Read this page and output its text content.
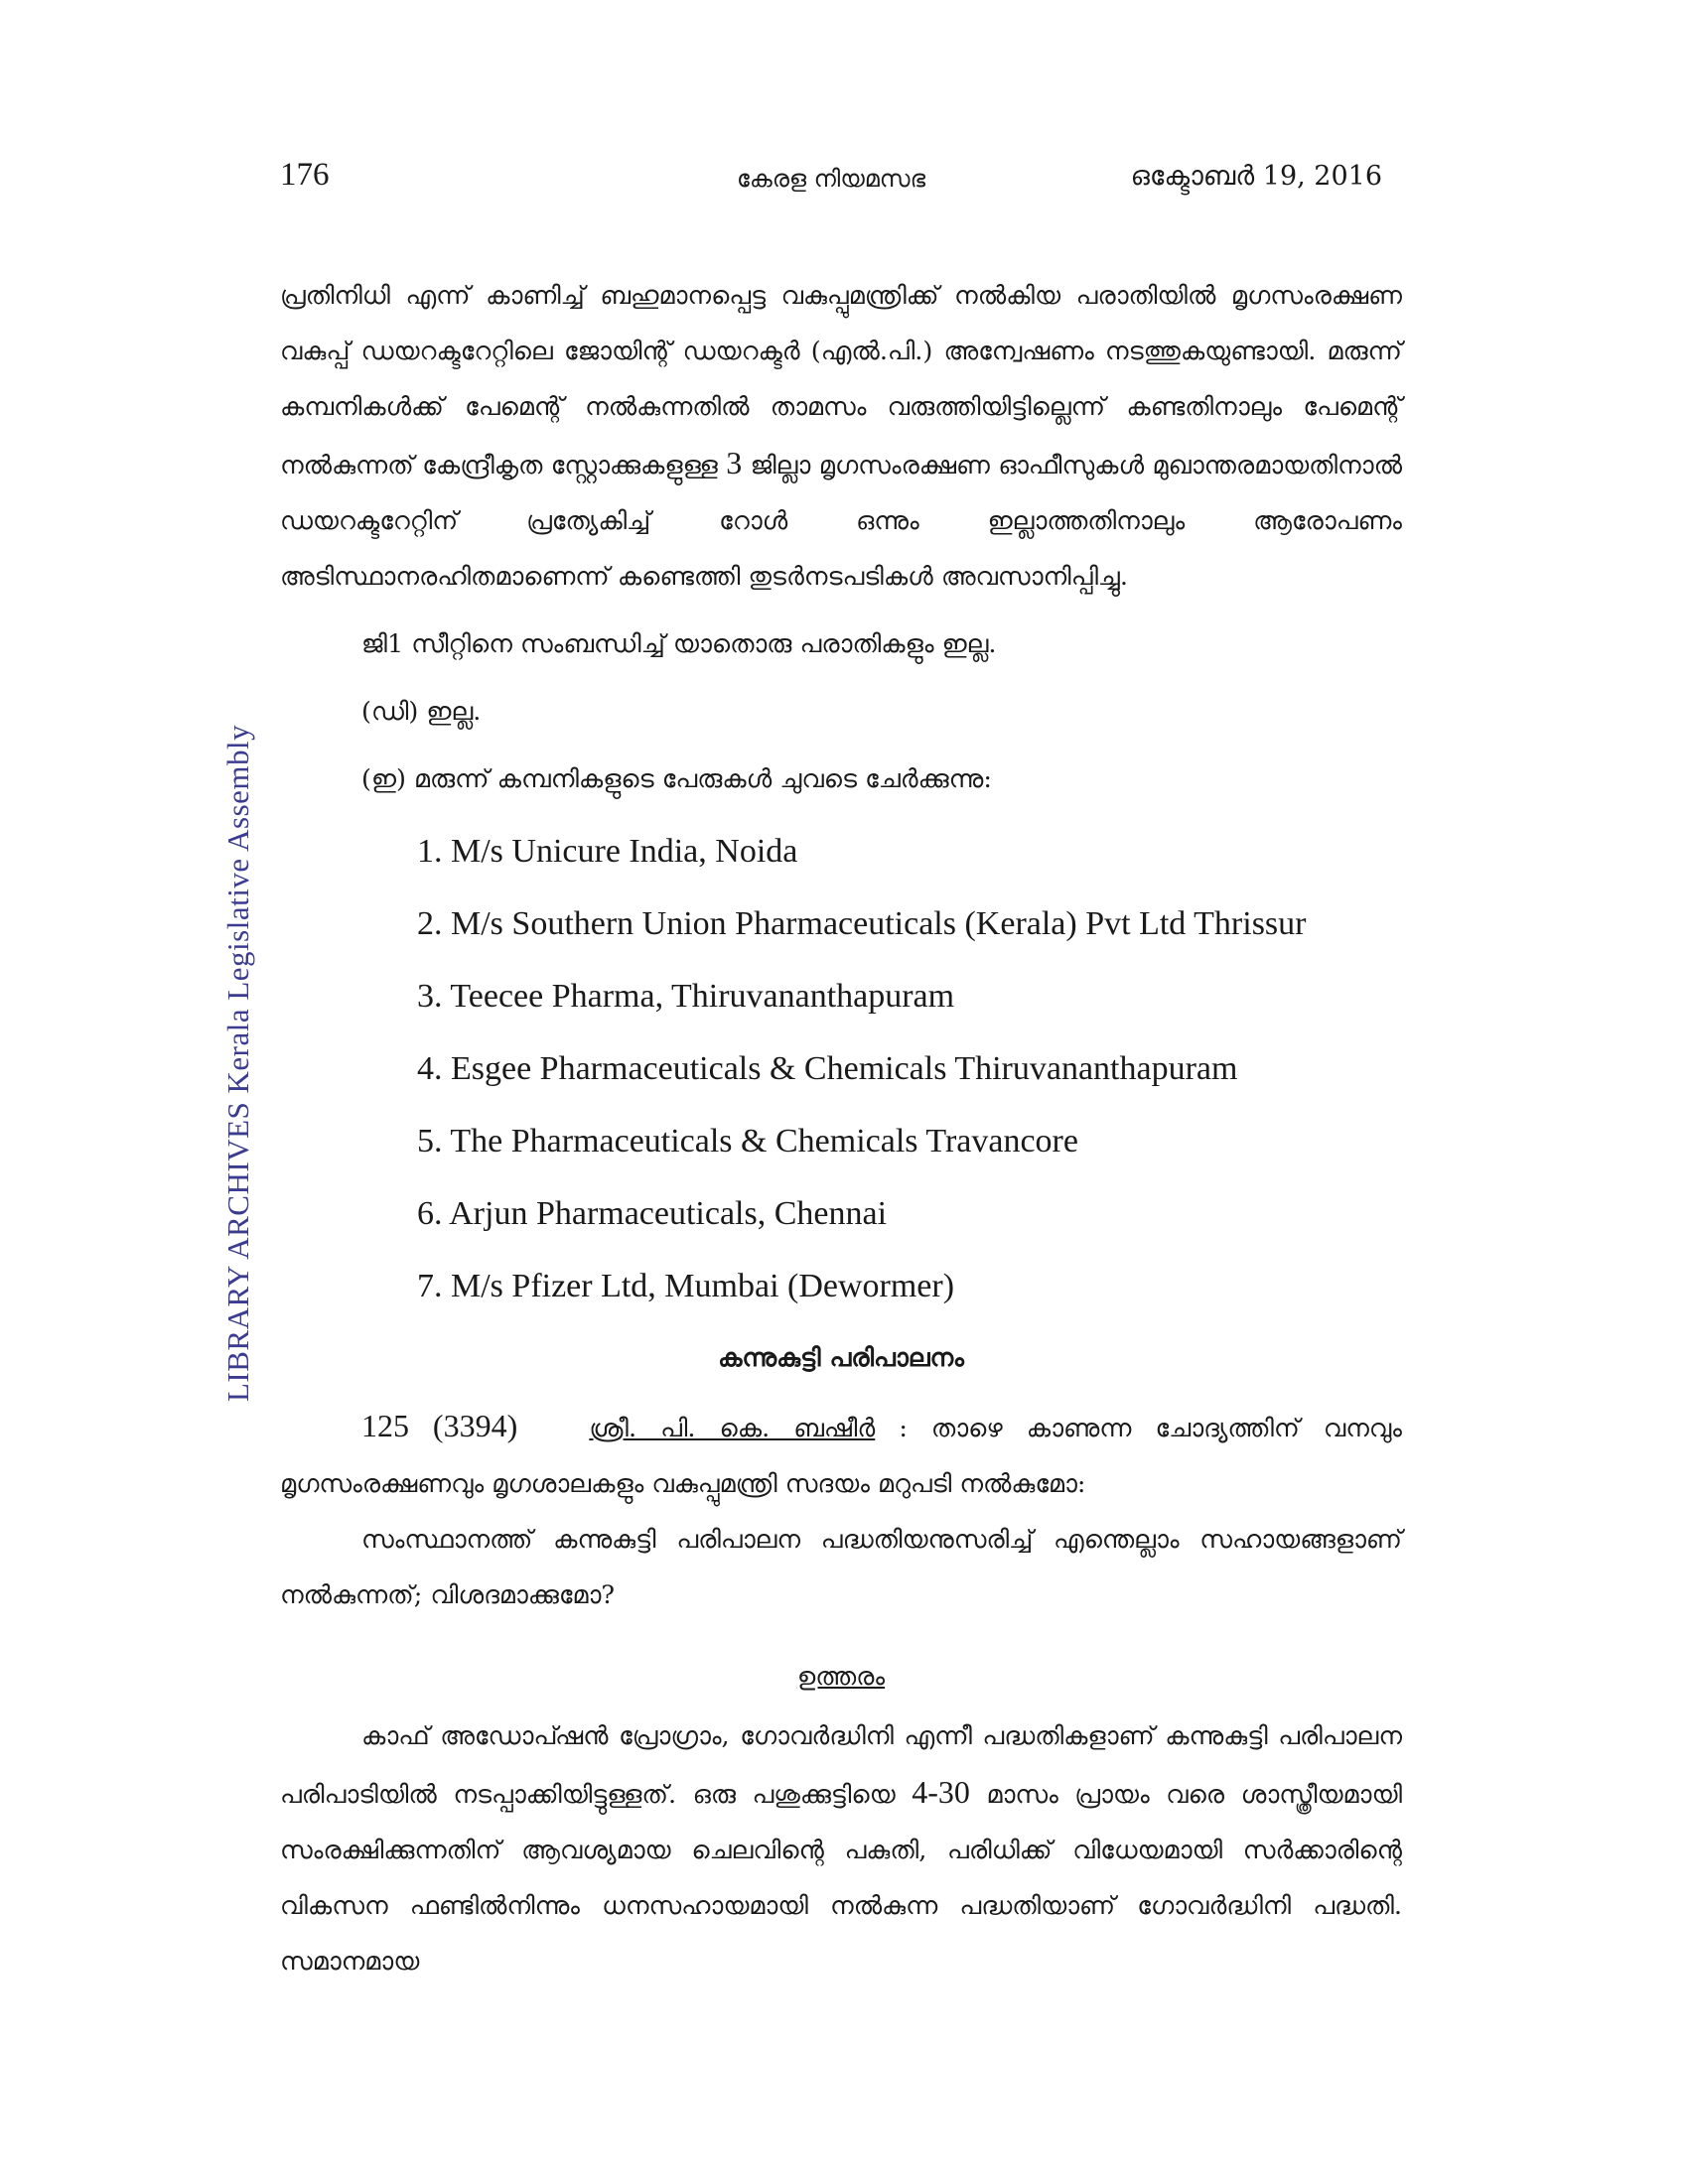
LIBRARY ARCHIVES Kerala Legislative Assembly
176	കേരള നിയമസഭ	ഒക്ടോബർ 19, 2016

പ്രതിനിധി എന്ന് കാണിച്ച് ബഹുമാനപ്പെട്ട വകുപ്പുമന്ത്രിക്ക് നൽകിയ പരാതിയിൽ മൃഗസംരക്ഷണ വകുപ്പ് ഡയറക്ടറേറ്റിലെ ജോയിന്റ് ഡയറക്ടർ (എൽ.പി.) അന്വേഷണം നടത്തുകയുണ്ടായി. മരുന്ന് കമ്പനികൾക്ക് പേമെന്റ് നൽകുന്നതിൽ താമസം വരുത്തിയിട്ടില്ലെന്ന് കണ്ടതിനാലും പേമെന്റ് നൽകുന്നത് കേന്ദ്രീകൃത സ്റ്റോക്കുകളുള്ള 3 ജില്ലാ മൃഗസംരക്ഷണ ഓഫീസുകൾ മുഖാന്തരമായതിനാൽ ഡയറക്ടറേറ്റിന് പ്രത്യേകിച്ച് റോൾ ഒന്നും ഇല്ലാത്തതിനാലും ആരോപണം അടിസ്ഥാനരഹിതമാണെന്ന് കണ്ടെത്തി തുടർനടപടികൾ അവസാനിപ്പിച്ചു.

ജി1 സീറ്റിനെ സംബന്ധിച്ച് യാതൊരു പരാതികളും ഇല്ല.

(ഡി) ഇല്ല.

(ഇ) മരുന്ന് കമ്പനികളുടെ പേരുകൾ ചുവടെ ചേർക്കുന്നു:

1. M/s Unicure India, Noida
2. M/s Southern Union Pharmaceuticals (Kerala) Pvt Ltd Thrissur
3. Teecee Pharma, Thiruvananthapuram
4. Esgee Pharmaceuticals & Chemicals Thiruvananthapuram
5. The Pharmaceuticals & Chemicals Travancore
6. Arjun Pharmaceuticals, Chennai
7. M/s Pfizer Ltd, Mumbai (Dewormer)
കന്നുകുട്ടി പരിപാലനം

125 (3394)	ശ്രീ. പി. കെ. ബഷീർ : താഴെ കാണുന്ന ചോദ്യത്തിന് വനവും മൃഗസംരക്ഷണവും മൃഗശാലകളും വകുപ്പുമന്ത്രി സദയം മറുപടി നൽകുമോ:

സംസ്ഥാനത്ത് കന്നുകുട്ടി പരിപാലന പദ്ധതിയനുസരിച്ച് എന്തെല്ലാം സഹായങ്ങളാണ് നൽകുന്നത്; വിശദമാക്കുമോ?

ഉത്തരം

കാഫ് അഡോപ്ഷൻ പ്രോഗ്രാം, ഗോവർദ്ധിനി എന്നീ പദ്ധതികളാണ് കന്നുകുട്ടി പരിപാലന പരിപാടിയിൽ നടപ്പാക്കിയിട്ടുള്ളത്. ഒരു പശുക്കുട്ടിയെ 4-30 മാസം പ്രായം വരെ ശാസ്ത്രീയമായി സംരക്ഷിക്കുന്നതിന് ആവശ്യമായ ചെലവിന്റെ പകുതി, പരിധിക്ക് വിധേയമായി സർക്കാരിന്റെ വികസന ഫണ്ടിൽനിന്നും ധനസഹായമായി നൽകുന്ന പദ്ധതിയാണ് ഗോവർദ്ധിനി പദ്ധതി. സമാനമായ
